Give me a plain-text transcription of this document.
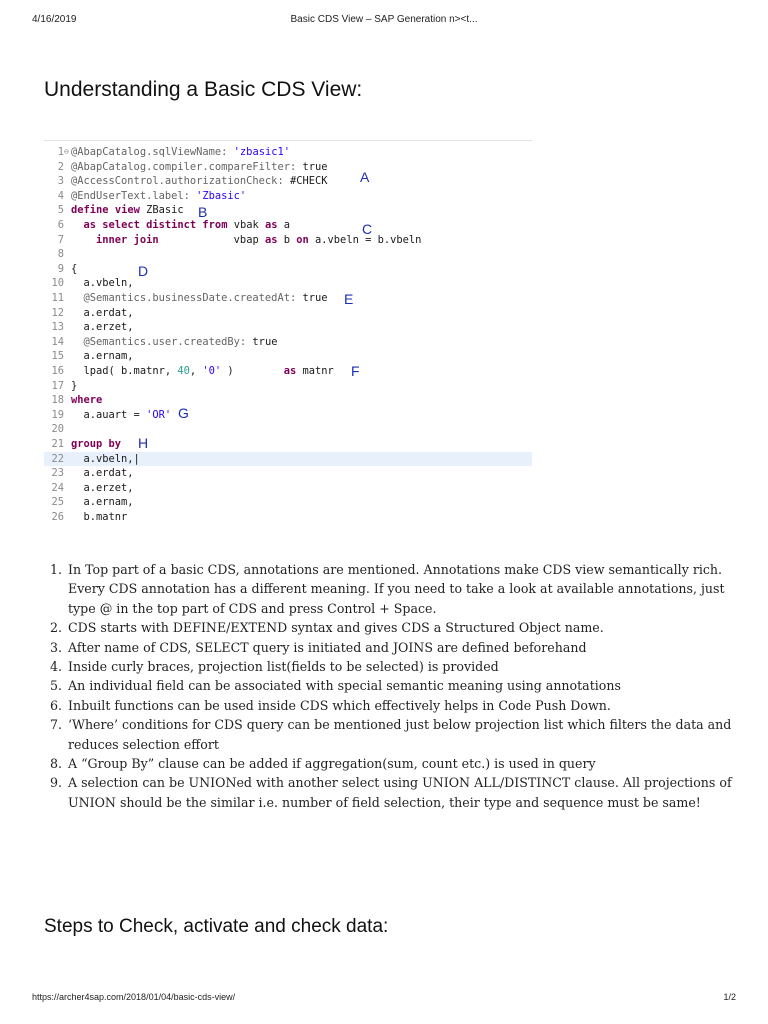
4/16/2019	Basic CDS View – SAP Generation n><t...
Understanding a Basic CDS View:
1 ⊖ @AbapCatalog.sqlViewName: 'zbasic1'
2 @AbapCatalog.compiler.compareFilter: true
3 @AccessControl.authorizationCheck: #CHECK
4 @EndUserText.label: 'Zbasic'
5 define view ZBasic
6	as select distinct from vbak as a
7	inner join            vbap as b on a.vbeln = b.vbeln
8
9 {
10 a.vbeln,
11	@Semantics.businessDate.createdAt: true
12 a.erdat,
13 a.erzet,
14	@Semantics.user.createdBy: true
15 a.ernam,
16 lpad( b.matnr, 40, '0' )        as matnr
17 }
18 where
19 a.auart = 'OR'
20
21 group by
22 a.vbeln,|
23 a.erdat,
24 a.erzet,
25 a.ernam,
26 b.matnr
A
B
C
D
E
F
G
H
1. In Top part of a basic CDS, annotations are mentioned. Annotations make CDS view semantically rich. Every CDS annotation has a different meaning. If you need to take a look at available annotations, just type @ in the top part of CDS and press Control + Space.
2. CDS starts with DEFINE/EXTEND syntax and gives CDS a Structured Object name.
3. After name of CDS, SELECT query is initiated and JOINS are defined beforehand
4. Inside curly braces, projection list(fields to be selected) is provided
5. An individual field can be associated with special semantic meaning using annotations
6. Inbuilt functions can be used inside CDS which effectively helps in Code Push Down.
7. ‘Where’ conditions for CDS query can be mentioned just below projection list which filters the data and reduces selection effort
8. A “Group By” clause can be added if aggregation(sum, count etc.) is used in query
9. A selection can be UNIONed with another select using UNION ALL/DISTINCT clause. All projections of UNION should be the similar i.e. number of field selection, their type and sequence must be same!
Steps to Check, activate and check data:
https://archer4sap.com/2018/01/04/basic-cds-view/	1/2
